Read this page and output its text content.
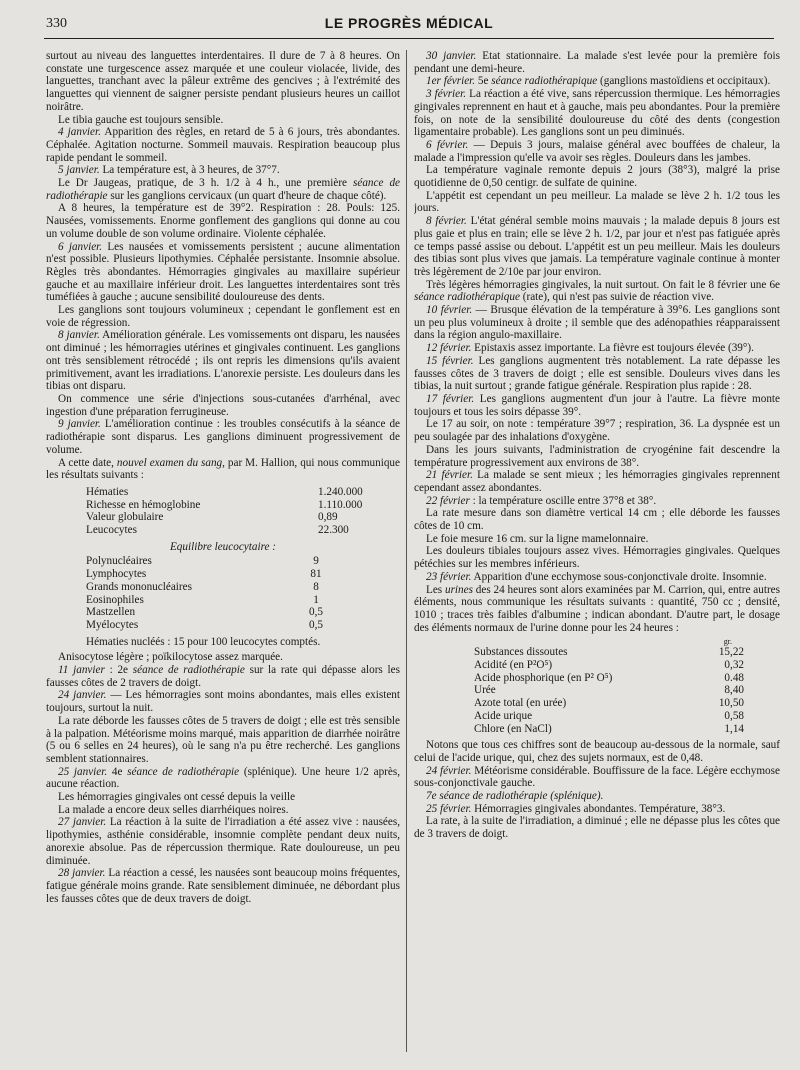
330	LE PROGRÈS MÉDICAL

surtout au niveau des languettes interdentaires. Il dure de 7 à 8 heures. On constate une turgescence assez marquée et une couleur violacée, livide, des languettes, tranchant avec la pâleur extrême des gencives ; à l'extrémité des languettes qui viennent de saigner persiste pendant plusieurs heures un caillot noirâtre.

Le tibia gauche est toujours sensible.

4 janvier. Apparition des règles, en retard de 5 à 6 jours, très abondantes. Céphalée. Agitation nocturne. Sommeil mauvais. Respiration beaucoup plus rapide pendant le sommeil.

5 janvier. La température est, à 3 heures, de 37°7.

Le Dr Jaugeas, pratique, de 3 h. 1/2 à 4 h., une première séance de radiothérapie sur les ganglions cervicaux (un quart d'heure de chaque côté).

A 8 heures, la température est de 39°2. Respiration : 28. Pouls: 125. Nausées, vomissements. Enorme gonflement des ganglions qui donne au cou un volume double de son volume ordinaire. Violente céphalée.

6 janvier. Les nausées et vomissements persistent ; aucune alimentation n'est possible. Plusieurs lipothymies. Céphalée persistante. Insomnie absolue. Règles très abondantes. Hémorragies gingivales au maxillaire supérieur gauche et au maxillaire inférieur droit. Les languettes interdentaires sont très tuméfiées à gauche ; aucune sensibilité douloureuse des dents.

Les ganglions sont toujours volumineux ; cependant le gonflement est en voie de régression.

8 janvier. Amélioration générale. Les vomissements ont disparu, les nausées ont diminué ; les hémorragies utérines et gingivales continuent. Les ganglions ont très sensiblement rétrocédé ; ils ont repris les dimensions qu'ils avaient primitivement, avant les irradiations. L'anorexie persiste. Les douleurs dans les tibias ont disparu.

On commence une série d'injections sous-cutanées d'arrhénal, avec ingestion d'une préparation ferrugineuse.

9 janvier. L'amélioration continue : les troubles consécutifs à la séance de radiothérapie sont disparus. Les ganglions diminuent progressivement de volume.

A cette date, nouvel examen du sang, par M. Hallion, qui nous communique les résultats suivants :

Hématies	1.240.000
Richesse en hémoglobine	1.110.000
Valeur globulaire	0,89
Leucocytes	22.300
Equilibre leucocytaire :
Polynucléaires	9
Lymphocytes	81
Grands mononucléaires	8
Eosinophiles	1
Mastzellen	0,5
Myélocytes	0,5

Hématies nucléés : 15 pour 100 leucocytes comptés.

Anisocytose légère ; poïkilocytose assez marquée.

11 janvier : 2e séance de radiothérapie sur la rate qui dépasse alors les fausses côtes de 2 travers de doigt.

24 janvier. — Les hémorragies sont moins abondantes, mais elles existent toujours, surtout la nuit.

La rate déborde les fausses côtes de 5 travers de doigt ; elle est très sensible à la palpation. Météorisme moins marqué, mais apparition de diarrhée noirâtre (5 ou 6 selles en 24 heures), où le sang n'a pu être recherché. Les ganglions semblent stationnaires.

25 janvier. 4e séance de radiothérapie (splénique). Une heure 1/2 après, aucune réaction.

Les hémorragies gingivales ont cessé depuis la veille

La malade a encore deux selles diarrhéiques noires.

27 janvier. La réaction à la suite de l'irradiation a été assez vive : nausées, lipothymies, asthénie considérable, insomnie complète pendant deux nuits, anorexie absolue. Pas de répercussion thermique. Rate douloureuse, un peu diminuée.

28 janvier. La réaction a cessé, les nausées sont beaucoup moins fréquentes, fatigue générale moins grande. Rate sensiblement diminuée, ne débordant plus les fausses côtes que de deux travers de doigt.

30 janvier. Etat stationnaire. La malade s'est levée pour la première fois pendant une demi-heure.

1er février. 5e séance radiothérapique (ganglions mastoïdiens et occipitaux).

3 février. La réaction a été vive, sans répercussion thermique. Les hémorragies gingivales reprennent en haut et à gauche, mais peu abondantes. Pour la première fois, on note de la sensibilité douloureuse du côté des dents (congestion ligamentaire probable). Les ganglions sont un peu diminués.

6 février. — Depuis 3 jours, malaise général avec bouffées de chaleur, la malade a l'impression qu'elle va avoir ses règles. Douleurs dans les jambes.

La température vaginale remonte depuis 2 jours (38°3), malgré la prise quotidienne de 0,50 centigr. de sulfate de quinine.

L'appétit est cependant un peu meilleur. La malade se lève 2 h. 1/2 tous les jours.

8 février. L'état général semble moins mauvais ; la malade depuis 8 jours est plus gaie et plus en train; elle se lève 2 h. 1/2, par jour et n'est pas fatiguée après ce temps passé assise ou debout. L'appétit est un peu meilleur. Mais les douleurs des tibias sont plus vives que jamais. La température vaginale continue à monter très légèrement de 2/10e par jour environ.

Très légères hémorragies gingivales, la nuit surtout. On fait le 8 février une 6e séance radiothérapique (rate), qui n'est pas suivie de réaction vive.

10 février. — Brusque élévation de la température à 39°6. Les ganglions sont un peu plus volumineux à droite ; il semble que des adénopathies réapparaissent dans la région angulo-maxillaire.

12 février. Epistaxis assez importante. La fièvre est toujours élevée (39°).

15 février. Les ganglions augmentent très notablement. La rate dépasse les fausses côtes de 3 travers de doigt ; elle est sensible. Douleurs vives dans les tibias, la nuit surtout ; grande fatigue générale. Respiration plus rapide : 28.

17 février. Les ganglions augmentent d'un jour à l'autre. La fièvre monte toujours et tous les soirs dépasse 39°.

Le 17 au soir, on note : température 39°7 ; respiration, 36. La dyspnée est un peu soulagée par des inhalations d'oxygène.

Dans les jours suivants, l'administration de cryogénine fait descendre la température progressivement aux environs de 38°.

21 février. La malade se sent mieux ; les hémorragies gingivales reprennent cependant assez abondantes.

22 février : la température oscille entre 37°8 et 38°.

La rate mesure dans son diamètre vertical 14 cm ; elle déborde les fausses côtes de 10 cm.

Le foie mesure 16 cm. sur la ligne mamelonnaire.

Les douleurs tibiales toujours assez vives. Hémorragies gingivales. Quelques pétéchies sur les membres inférieurs.

23 février. Apparition d'une ecchymose sous-conjonctivale droite. Insomnie.

Les urines des 24 heures sont alors examinées par M. Carrion, qui, entre autres éléments, nous communique les résultats suivants : quantité, 750 cc ; densité, 1010 ; traces très faibles d'albumine ; indican abondant. D'autre part, le dosage des éléments normaux de l'urine donne pour les 24 heures :

gr.
Substances dissoutes	15,22
Acidité (en P²O⁵)	0,32
Acide phosphorique (en P² O⁵)	0.48
Urée	8,40
Azote total (en urée)	10,50
Acide urique	0,58
Chlore (en NaCl)	1,14

Notons que tous ces chiffres sont de beaucoup au-dessous de la normale, sauf celui de l'acide urique, qui, chez des sujets normaux, est de 0,48.

24 février. Météorisme considérable. Bouffissure de la face. Légère ecchymose sous-conjonctivale gauche.

7e séance de radiothérapie (splénique).

25 février. Hémorragies gingivales abondantes. Température, 38°3.

La rate, à la suite de l'irradiation, a diminué ; elle ne dépasse plus les côtes que de 3 travers de doigt.
